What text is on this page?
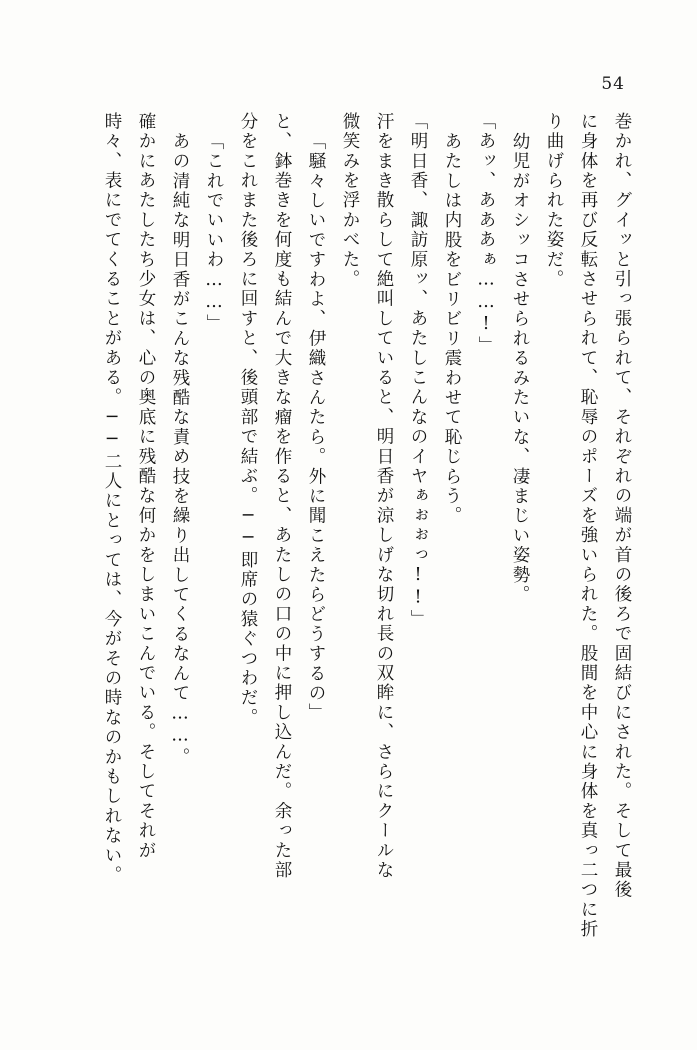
54
巻かれ、グイッと引っ張られて、それぞれの端が首の後ろで固結びにされた。そして最後
に身体を再び反転させられて、恥辱のポーズを強いられた。股間を中心に身体を真っ二つに折
り曲げられた姿だ。
幼児がオシッコさせられるみたいな、凄まじい姿勢。
「あッ、あああぁ……!」
あたしは内股をビリビリ震わせて恥じらう。
「明日香、諏訪原ッ、あたしこんなのイヤぁぉぉっ!!」
汗をまき散らして絶叫していると、明日香が涼しげな切れ長の双眸に、さらにクールな
微笑みを浮かべた。
「騒々しいですわよ、伊織さんたら。外に聞こえたらどうするの」
と、鉢巻きを何度も結んで大きな瘤を作ると、あたしの口の中に押し込んだ。余った部
分をこれまた後ろに回すと、後頭部で結ぶ。──即席の猿ぐつわだ。
「これでいいわ……」
あの清純な明日香がこんな残酷な責め技を繰り出してくるなんて……。
確かにあたしたち少女は、心の奥底に残酷な何かをしまいこんでいる。そしてそれが
時々、表にでてくることがある。──二人にとっては、今がその時なのかもしれない。
